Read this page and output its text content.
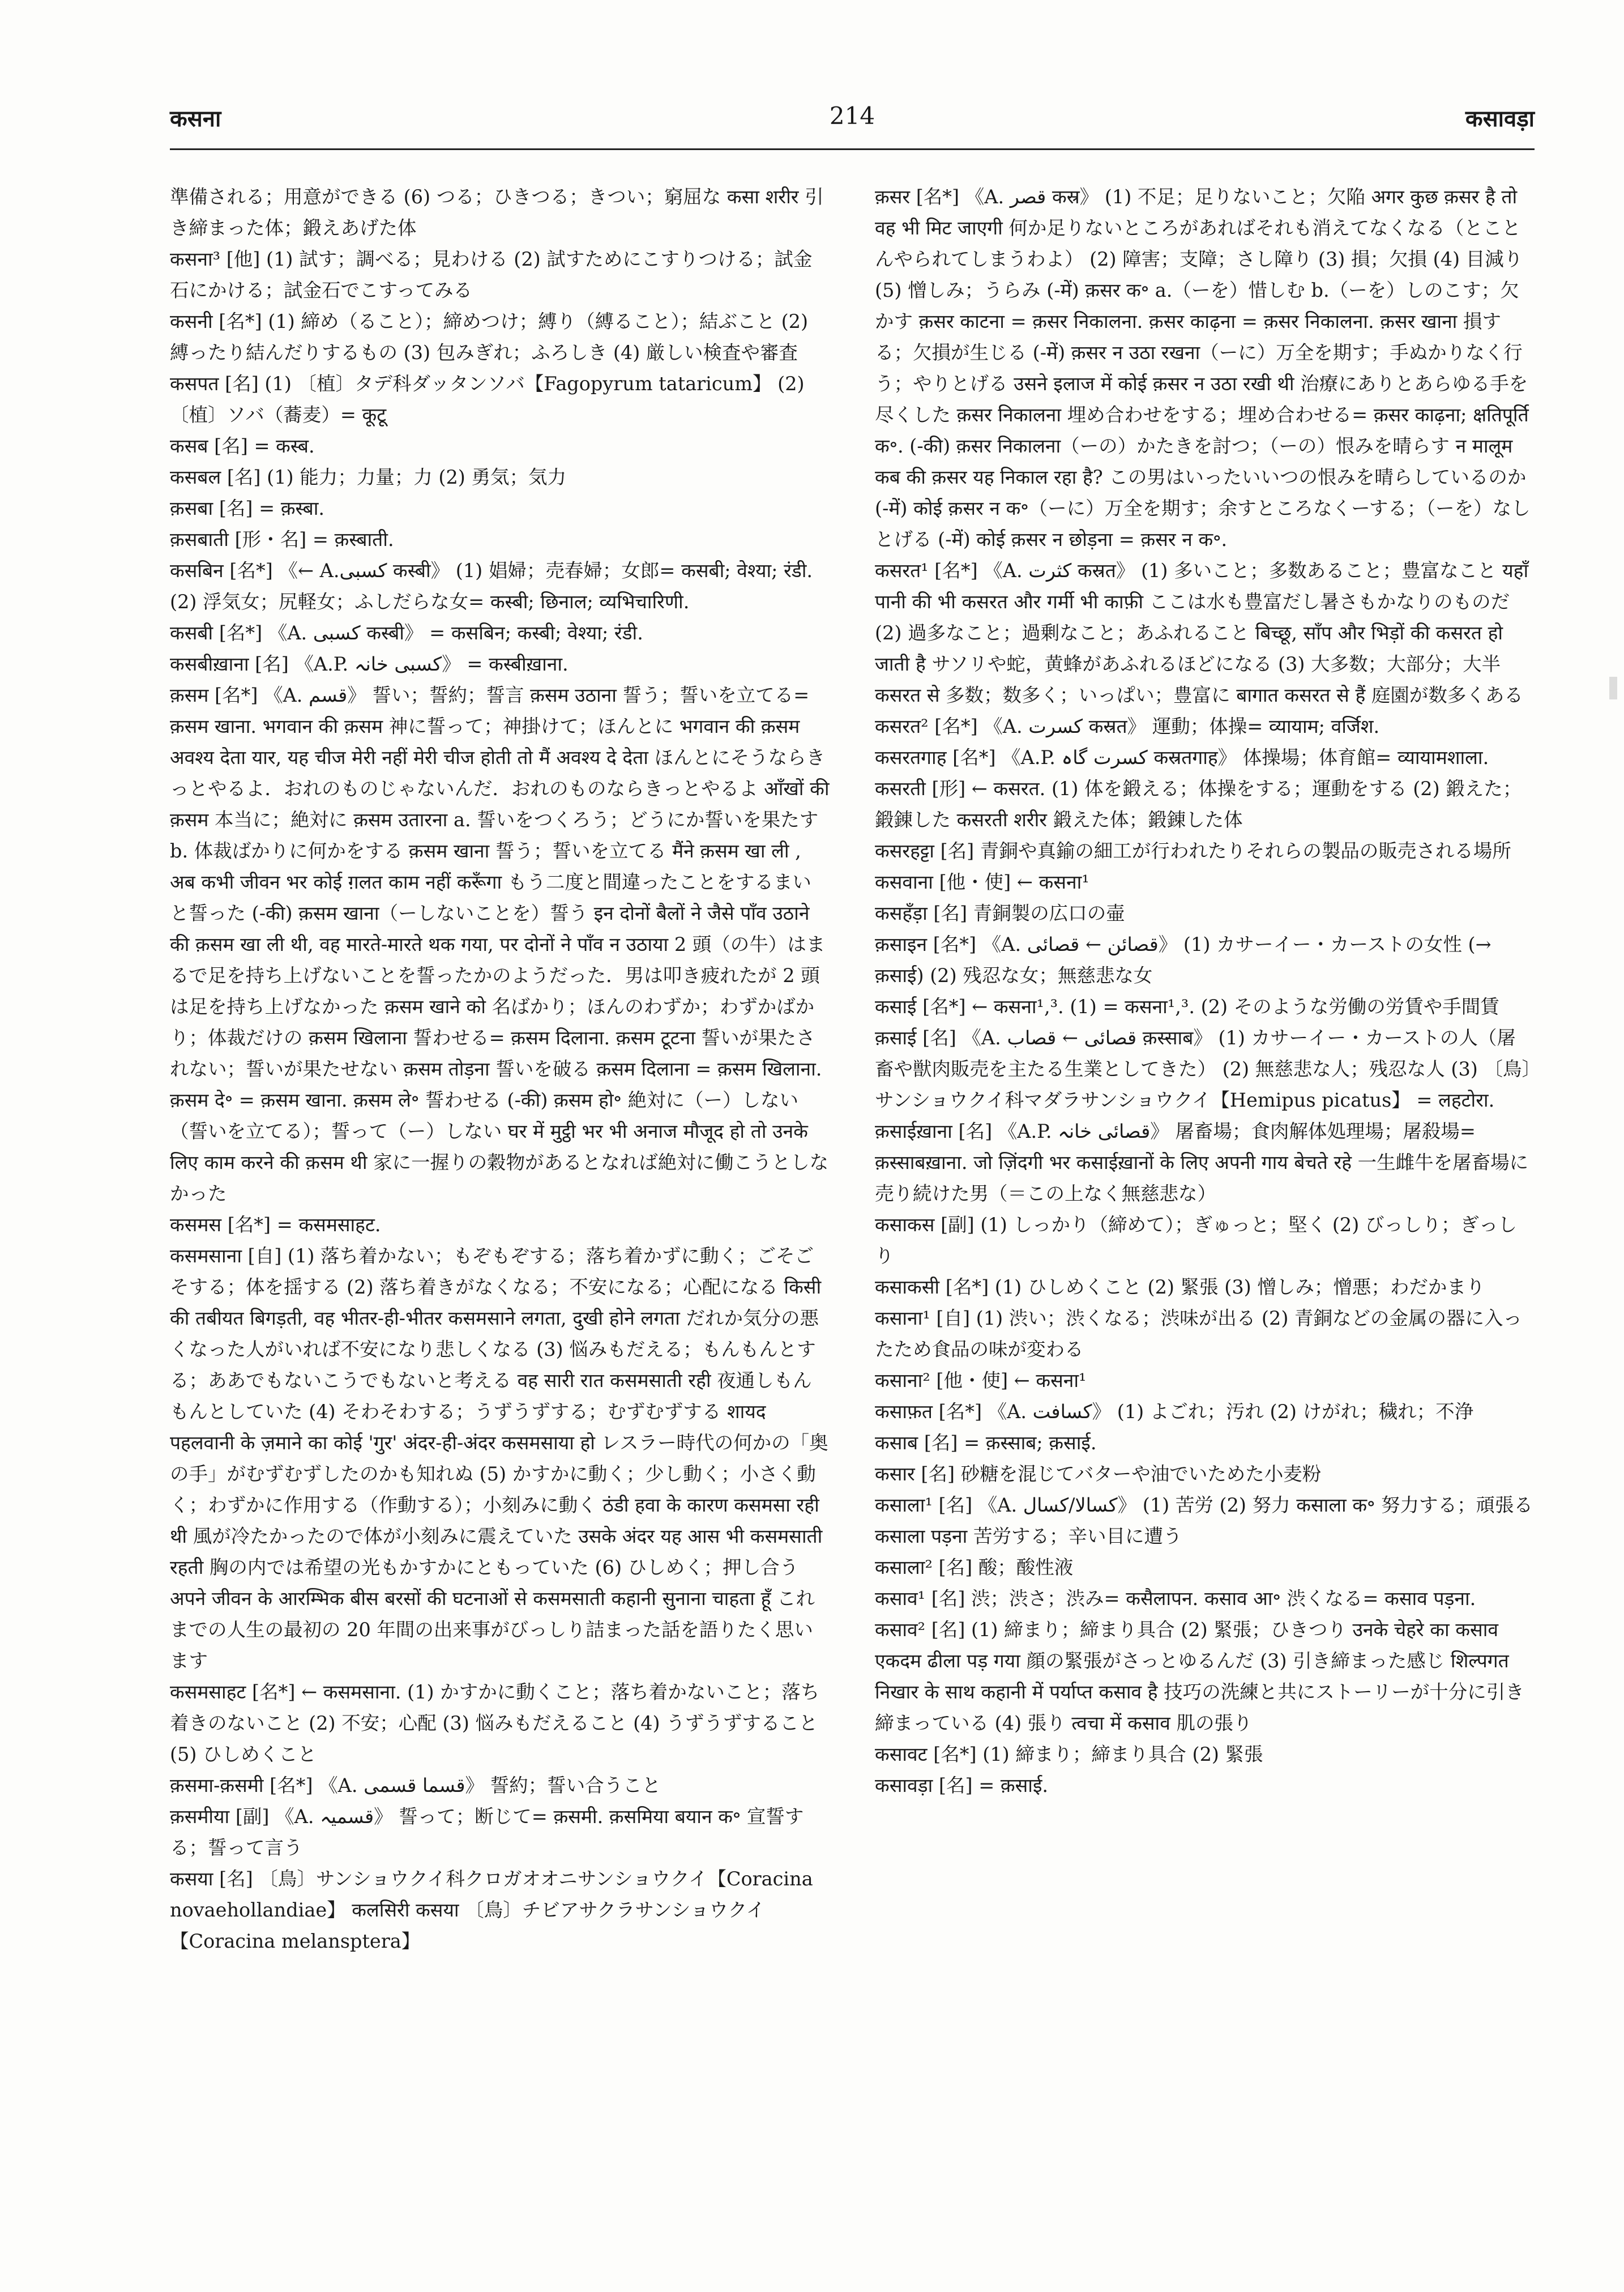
कसना	214	कसावड़ा

準備される；用意ができる (6) つる；ひきつる；きつい；窮屈な कसा शरीर 引き締まった体；鍛えあげた体

कसना³ [他] (1) 試す；調べる；見わける (2) 試すためにこすりつける；試金石にかける；試金石でこすってみる

कसनी [名*] (1) 締め（ること）；締めつけ；縛り（縛ること）；結ぶこと (2) 縛ったり結んだりするもの (3) 包みぎれ；ふろしき (4) 厳しい検査や審査

कसपत [名] (1) 〔植〕タデ科ダッタンソバ【Fagopyrum tataricum】 (2) 〔植〕ソバ（蕎麦）= कूटू

कसब [名] = कस्ब.

कसबल [名] (1) 能力；力量；力 (2) 勇気；気力

क़सबा [名] = क़स्बा.

क़सबाती [形・名] = क़स्बाती.

कसबिन [名*] 《← A.کسبی कस्बी》 (1) 娼婦；売春婦；女郎= कसबी; वेश्या; रंडी. (2) 浮気女；尻軽女；ふしだらな女= कस्बी; छिनाल; व्यभिचारिणी.

कसबी [名*] 《A. کسبی कस्बी》 = कसबिन; कस्बी; वेश्या; रंडी.

कसबीख़ाना [名] 《A.P. کسبی خانہ》 = कस्बीख़ाना.

क़सम [名*] 《A. قسم》 誓い；誓約；誓言 क़सम उठाना 誓う；誓いを立てる= क़सम खाना. भगवान की क़सम 神に誓って；神掛けて；ほんとに भगवान की क़सम अवश्य देता यार, यह चीज मेरी नहीं मेरी चीज होती तो मैं अवश्य दे देता ほんとにそうならきっとやるよ．おれのものじゃないんだ．おれのものならきっとやるよ आँखों की क़सम 本当に；絶対に क़सम उतारना a. 誓いをつくろう；どうにか誓いを果たす b. 体裁ばかりに何かをする क़सम खाना 誓う；誓いを立てる मैंने क़सम खा ली , अब कभी जीवन भर कोई ग़लत काम नहीं करूँगा もう二度と間違ったことをするまいと誓った (-की) क़सम खाना（ーしないことを）誓う इन दोनों बैलों ने जैसे पाँव उठाने की क़सम खा ली थी, वह मारते-मारते थक गया, पर दोनों ने पाँव न उठाया 2 頭（の牛）はまるで足を持ち上げないことを誓ったかのようだった．男は叩き疲れたが 2 頭は足を持ち上げなかった क़सम खाने को 名ばかり；ほんのわずか；わずかばかり；体裁だけの क़सम खिलाना 誓わせる= क़सम दिलाना. क़सम टूटना 誓いが果たされない；誓いが果たせない क़सम तोड़ना 誓いを破る क़सम दिलाना = क़सम खिलाना. क़सम दे॰ = क़सम खाना. क़सम ले॰ 誓わせる (-की) क़सम हो॰ 絶対に（ー）しない（誓いを立てる）；誓って（ー）しない घर में मुट्ठी भर भी अनाज मौजूद हो तो उनके लिए काम करने की क़सम थी 家に一握りの穀物があるとなれば絶対に働こうとしなかった

कसमस [名*] = कसमसाहट.

कसमसाना [自] (1) 落ち着かない；もぞもぞする；落ち着かずに動く；ごそごそする；体を揺する (2) 落ち着きがなくなる；不安になる；心配になる किसी की तबीयत बिगड़ती, वह भीतर-ही-भीतर कसमसाने लगता, दुखी होने लगता だれか気分の悪くなった人がいれば不安になり悲しくなる (3) 悩みもだえる；もんもんとする；ああでもないこうでもないと考える वह सारी रात कसमसाती रही 夜通しもんもんとしていた (4) そわそわする；うずうずする；むずむずする शायद पहलवानी के ज़माने का कोई 'गुर' अंदर-ही-अंदर कसमसाया हो レスラー時代の何かの「奥の手」がむずむずしたのかも知れぬ (5) かすかに動く；少し動く；小さく動く；わずかに作用する（作動する）；小刻みに動く ठंडी हवा के कारण कसमसा रही थी 風が冷たかったので体が小刻みに震えていた उसके अंदर यह आस भी कसमसाती रहती 胸の内では希望の光もかすかにともっていた (6) ひしめく；押し合う अपने जीवन के आरम्भिक बीस बरसों की घटनाओं से कसमसाती कहानी सुनाना चाहता हूँ これまでの人生の最初の 20 年間の出来事がびっしり詰まった話を語りたく思います

कसमसाहट [名*] ← कसमसाना. (1) かすかに動くこと；落ち着かないこと；落ち着きのないこと (2) 不安；心配 (3) 悩みもだえること (4) うずうずすること (5) ひしめくこと

क़समा-क़समी [名*] 《A. قسما قسمی》 誓約；誓い合うこと

क़समीया [副] 《A. قسمیہ》 誓って；断じて= क़समी. क़समिया बयान क॰ 宣誓する；誓って言う

कसया [名] 〔鳥〕サンショウクイ科クロガオオニサンショウクイ【Coracina novaehollandiae】 कलसिरी कसया 〔鳥〕チビアサクラサンショウクイ【Coracina melanspterа】

क़सर [名*] 《A. قصر कस्र》 (1) 不足；足りないこと；欠陥 अगर कुछ क़सर है तो वह भी मिट जाएगी 何か足りないところがあればそれも消えてなくなる（とことんやられてしまうわよ） (2) 障害；支障；さし障り (3) 損；欠損 (4) 目減り (5) 憎しみ；うらみ (-में) क़सर क॰ a.（ーを）惜しむ b.（ーを）しのこす；欠かす क़सर काटना = क़सर निकालना. क़सर काढ़ना = क़सर निकालना. क़सर खाना 損する；欠損が生じる (-में) क़सर न उठा रखना（ーに）万全を期す；手ぬかりなく行う；やりとげる उसने इलाज में कोई क़सर न उठा रखी थी 治療にありとあらゆる手を尽くした क़सर निकालना 埋め合わせをする；埋め合わせる= क़सर काढ़ना; क्षतिपूर्ति क॰. (-की) क़सर निकालना（ーの）かたきを討つ；（ーの）恨みを晴らす न मालूम कब की क़सर यह निकाल रहा है? この男はいったいいつの恨みを晴らしているのか (-में) कोई क़सर न क॰（ーに）万全を期す；余すところなくーする；（ーを）なしとげる (-में) कोई क़सर न छोड़ना = क़सर न क॰.

कसरत¹ [名*] 《A. کثرت कस्रत》 (1) 多いこと；多数あること；豊富なこと यहाँ पानी की भी कसरत और गर्मी भी काफ़ी ここは水も豊富だし暑さもかなりのものだ (2) 過多なこと；過剰なこと；あふれること बिच्छू, साँप और भिड़ों की कसरत हो जाती है サソリや蛇，黄蜂があふれるほどになる (3) 大多数；大部分；大半 कसरत से 多数；数多く；いっぱい；豊富に बागात कसरत से हैं 庭園が数多くある

कसरत² [名*] 《A. کسرت कस्रत》 運動；体操= व्यायाम; वर्जिश.

कसरतगाह [名*] 《A.P. کسرت گاہ कस्रतगाह》 体操場；体育館= व्यायामशाला.

कसरती [形] ← कसरत. (1) 体を鍛える；体操をする；運動をする (2) 鍛えた；鍛錬した कसरती शरीर 鍛えた体；鍛錬した体

कसरहट्टा [名] 青銅や真鍮の細工が行われたりそれらの製品の販売される場所

कसवाना [他・使] ← कसना¹

कसहँड़ा [名] 青銅製の広口の壷

क़साइन [名*] 《A. قصائن ← قصائی》 (1) カサーイー・カーストの女性 (→ क़साई) (2) 残忍な女；無慈悲な女

कसाई [名*] ← कसना¹,³. (1) = कसना¹,³. (2) そのような労働の労賃や手間賃

क़साई [名] 《A. قصائی ← قصاب क़स्साब》 (1) カサーイー・カーストの人（屠畜や獣肉販売を主たる生業としてきた） (2) 無慈悲な人；残忍な人 (3) 〔鳥〕サンショウクイ科マダラサンショウクイ【Hemipus picatus】 = लहटोरा.

क़साईख़ाना [名] 《A.P. قصائی خانہ》 屠畜場；食肉解体処理場；屠殺場= क़स्साबख़ाना. जो ज़िंदगी भर कसाईख़ानों के लिए अपनी गाय बेचते रहे 一生雌牛を屠畜場に売り続けた男（＝この上なく無慈悲な）

कसाकस [副] (1) しっかり（締めて）；ぎゅっと；堅く (2) びっしり；ぎっしり

कसाकसी [名*] (1) ひしめくこと (2) 緊張 (3) 憎しみ；憎悪；わだかまり

कसाना¹ [自] (1) 渋い；渋くなる；渋味が出る (2) 青銅などの金属の器に入ったため食品の味が変わる

कसाना² [他・使] ← कसना¹

कसाफ़त [名*] 《A. کسافت》 (1) よごれ；汚れ (2) けがれ；穢れ；不浄

कसाब [名] = क़स्साब; क़साई.

कसार [名] 砂糖を混じてバターや油でいためた小麦粉

कसाला¹ [名] 《A. کسالا/کسال》 (1) 苦労 (2) 努力 कसाला क॰ 努力する；頑張る कसाला पड़ना 苦労する；辛い目に遭う

कसाला² [名] 酸；酸性液

कसाव¹ [名] 渋；渋さ；渋み= कसैलापन. कसाव आ॰ 渋くなる= कसाव पड़ना.

कसाव² [名] (1) 締まり；締まり具合 (2) 緊張；ひきつり उनके चेहरे का कसाव एकदम ढीला पड़ गया 顔の緊張がさっとゆるんだ (3) 引き締まった感じ शिल्पगत निखार के साथ कहानी में पर्याप्त कसाव है 技巧の洗練と共にストーリーが十分に引き締まっている (4) 張り त्वचा में कसाव 肌の張り

कसावट [名*] (1) 締まり；締まり具合 (2) 緊張

कसावड़ा [名] = क़साई.
